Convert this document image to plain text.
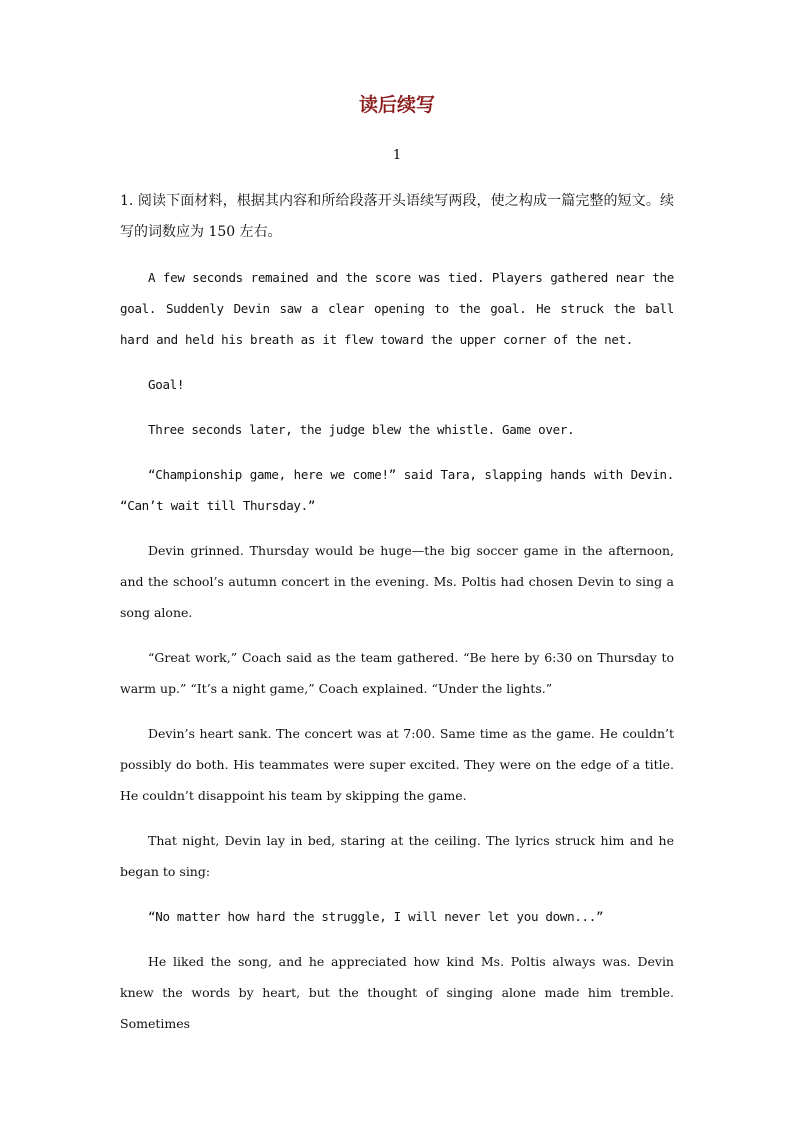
读后续写
1

1. 阅读下面材料，根据其内容和所给段落开头语续写两段，使之构成一篇完整的短文。续写的词数应为 150 左右。

A few seconds remained and the score was tied. Players gathered near the goal. Suddenly Devin saw a clear opening to the goal. He struck the ball hard and held his breath as it flew toward the upper corner of the net.

Goal!

Three seconds later, the judge blew the whistle. Game over.

“Championship game, here we come!” said Tara, slapping hands with Devin. “Can’t wait till Thursday.”

Devin grinned. Thursday would be huge—the big soccer game in the afternoon, and the school’s autumn concert in the evening. Ms. Poltis had chosen Devin to sing a song alone.

“Great work,” Coach said as the team gathered. “Be here by 6:30 on Thursday to warm up.” “It’s a night game,” Coach explained. “Under the lights.”

Devin’s heart sank. The concert was at 7:00. Same time as the game. He couldn’t possibly do both. His teammates were super excited. They were on the edge of a title. He couldn’t disappoint his team by skipping the game.

That night, Devin lay in bed, staring at the ceiling. The lyrics struck him and he began to sing:

“No matter how hard the struggle, I will never let you down...”

He liked the song, and he appreciated how kind Ms. Poltis always was. Devin knew the words by heart, but the thought of singing alone made him tremble. Sometimes
